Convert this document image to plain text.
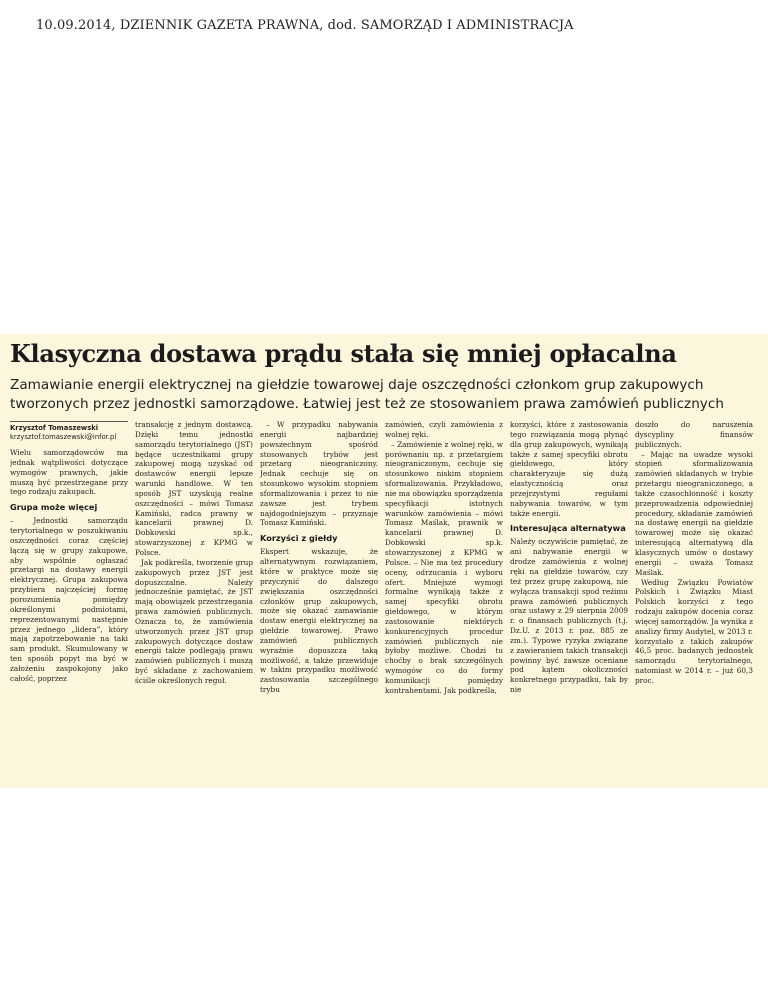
10.09.2014, DZIENNIK GAZETA PRAWNA, dod. SAMORZĄD I ADMINISTRACJA
Klasyczna dostawa prądu stała się mniej opłacalna
Zamawianie energii elektrycznej na giełdzie towarowej daje oszczędności członkom grup zakupowych tworzonych przez jednostki samorządowe. Łatwiej jest też ze stosowaniem prawa zamówień publicznych
Krzysztof Tomaszewski
krzysztof.tomaszewski@infor.pl

Wielu samorządowców ma jednak wątpliwości dotyczące wymogów prawnych, jakie muszą być przestrzegane przy tego rodzaju zakupach.

Grupa może więcej

– Jednostki samorządu terytorialnego w poszukiwaniu oszczędności coraz częściej łączą się w grupy zakupowe, aby wspólnie ogłaszać przetargi na dostawy energii elektrycznej. Grupa zakupowa przybiera najczęściej formę porozumienia pomiędzy określonymi podmiotami, reprezentowanymi następnie przez jednego „lidera”, który mają zapotrzebowanie na taki sam produkt. Skumulowany w ten sposób popyt ma być w założeniu zaspokojony jako całość, poprzez

transakcję z jednym dostawcą. Dzięki temu jednostki samorządu terytorialnego (JST) będące uczestnikami grupy zakupowej mogą uzyskać od dostawców energii lepsze warunki handlowe. W ten sposób JST uzyskują realne oszczędności – mówi Tomasz Kamiński, radca prawny w kancelarii prawnej D. Dobkowski sp.k., stowarzyszonej z KPMG w Polsce.

Jak podkreśla, tworzenie grup zakupowych przez JST jest dopuszczalne. Należy jednocześnie pamiętać, że JST mają obowiązek przestrzegania prawa zamówień publicznych. Oznacza to, że zamówienia utworzonych przez JST grup zakupowych dotyczące dostaw energii także podlegają prawu zamówień publicznych i muszą być składane z zachowaniem ściśle określonych reguł.

– W przypadku nabywania energii najbardziej powszechnym spośród stosowanych trybów jest przetarg nieograniczony. Jednak cechuje się on stosunkowo wysokim stopniem sformalizowania i przez to nie zawsze jest trybem najdogodniejszym – przyznaje Tomasz Kamiński.

Korzyści z giełdy

Ekspert wskazuje, że alternatywnym rozwiązaniem, które w praktyce może się przyczynić do dalszego zwiększania oszczędności członków grup zakupowych, może się okazać zamawianie dostaw energii elektrycznej na giełdzie towarowej. Prawo zamówień publicznych wyraźnie dopuszcza taką możliwość, a także przewiduje w takim przypadku możliwość zastosowania szczególnego trybu

zamówień, czyli zamówienia z wolnej ręki.

– Zamówienie z wolnej ręki, w porównaniu np. z przetargiem nieograniczonym, cechuje się stosunkowo niskim stopniem sformalizowania. Przykładowo, nie ma obowiązku sporządzenia specyfikacji istotnych warunków zamówienia – mówi Tomasz Maślak, prawnik w kancelarii prawnej D. Dobkowski sp.k. stowarzyszonej z KPMG w Polsce. – Nie ma też procedury oceny, odrzucania i wyboru ofert. Mniejsze wymogi formalne wynikają także z samej specyfiki obrotu giełdowego, w którym zastosowanie niektórych konkurencyjnych procedur zamówień publicznych nie byłoby możliwe. Chodzi tu choćby o brak szczególnych wymogów co do formy komunikacji pomiędzy kontrahentami. Jak podkreśla,

korzyści, które z zastosowania tego rozwiązania mogą płynąć dla grup zakupowych, wynikają także z samej specyfiki obrotu giełdowego, który charakteryzuje się dużą elastycznością oraz przejrzystymi regułami nabywania towarów, w tym także energii.

Interesująca alternatywa

Należy oczywiście pamiętać, że ani nabywanie energii w drodze zamówienia z wolnej ręki na giełdzie towarów, czy też przez grupę zakupową, nie wyłącza transakcji spod reżimu prawa zamówień publicznych oraz ustawy z 29 sierpnia 2009 r. o finansach publicznych (t.j. Dz.U. z 2013 r. poz. 885 ze zm.). Typowe ryzyka związane z zawieraniem takich transakcji powinny być zawsze oceniane pod kątem okoliczności konkretnego przypadku, tak by nie

doszło do naruszenia dyscypliny finansów publicznych.

– Mając na uwadze wysoki stopień sformalizowania zamówień składanych w trybie przetargu nieograniczonego, a także czasochłonność i koszty przeprowadzenia odpowiedniej procedury, składanie zamówień na dostawę energii na giełdzie towarowej może się okazać interesującą alternatywą dla klasycznych umów o dostawy energii – uważa Tomasz Maślak.

Według Związku Powiatów Polskich i Związku Miast Polskich korzyści z tego rodzaju zakupów docenia coraz więcej samorządów. Ja wynika z analizy firmy Audytel, w 2013 r. korzystało z takich zakupów 46,5 proc. badanych jednostek samorządu terytorialnego, natomiast w 2014 r. – już 60,3 proc.
